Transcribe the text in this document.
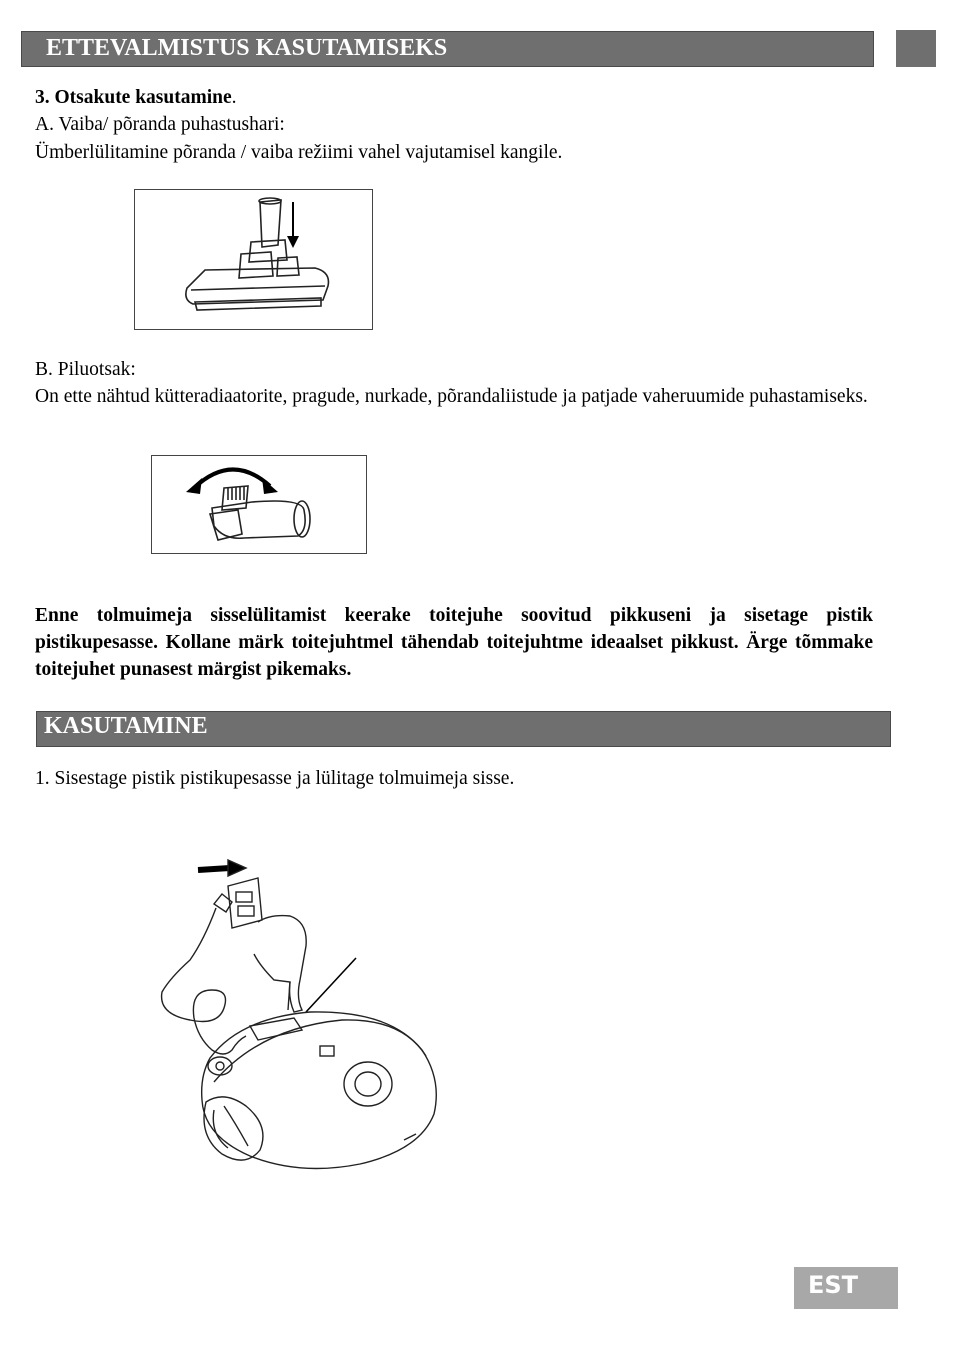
ETTEVALMISTUS KASUTAMISEKS
3. Otsakute kasutamine.
A. Vaiba/ põranda puhastushari:
Ümberlülitamine põranda / vaiba režiimi vahel vajutamisel kangile.
B. Piluotsak:
On ette nähtud kütteradiaatorite, pragude, nurkade, põrandaliistude ja patjade vaheruumide puhastamiseks.
Enne tolmuimeja sisselülitamist keerake toitejuhe soovitud pikkuseni ja sisetage pistik pistikupesasse. Kollane märk toitejuhtmel tähendab toitejuhtme ideaalset pikkust. Ärge tõmmake toitejuhet punasest märgist pikemaks.
KASUTAMINE
1. Sisestage pistik pistikupesasse ja lülitage tolmuimeja sisse.
EST
